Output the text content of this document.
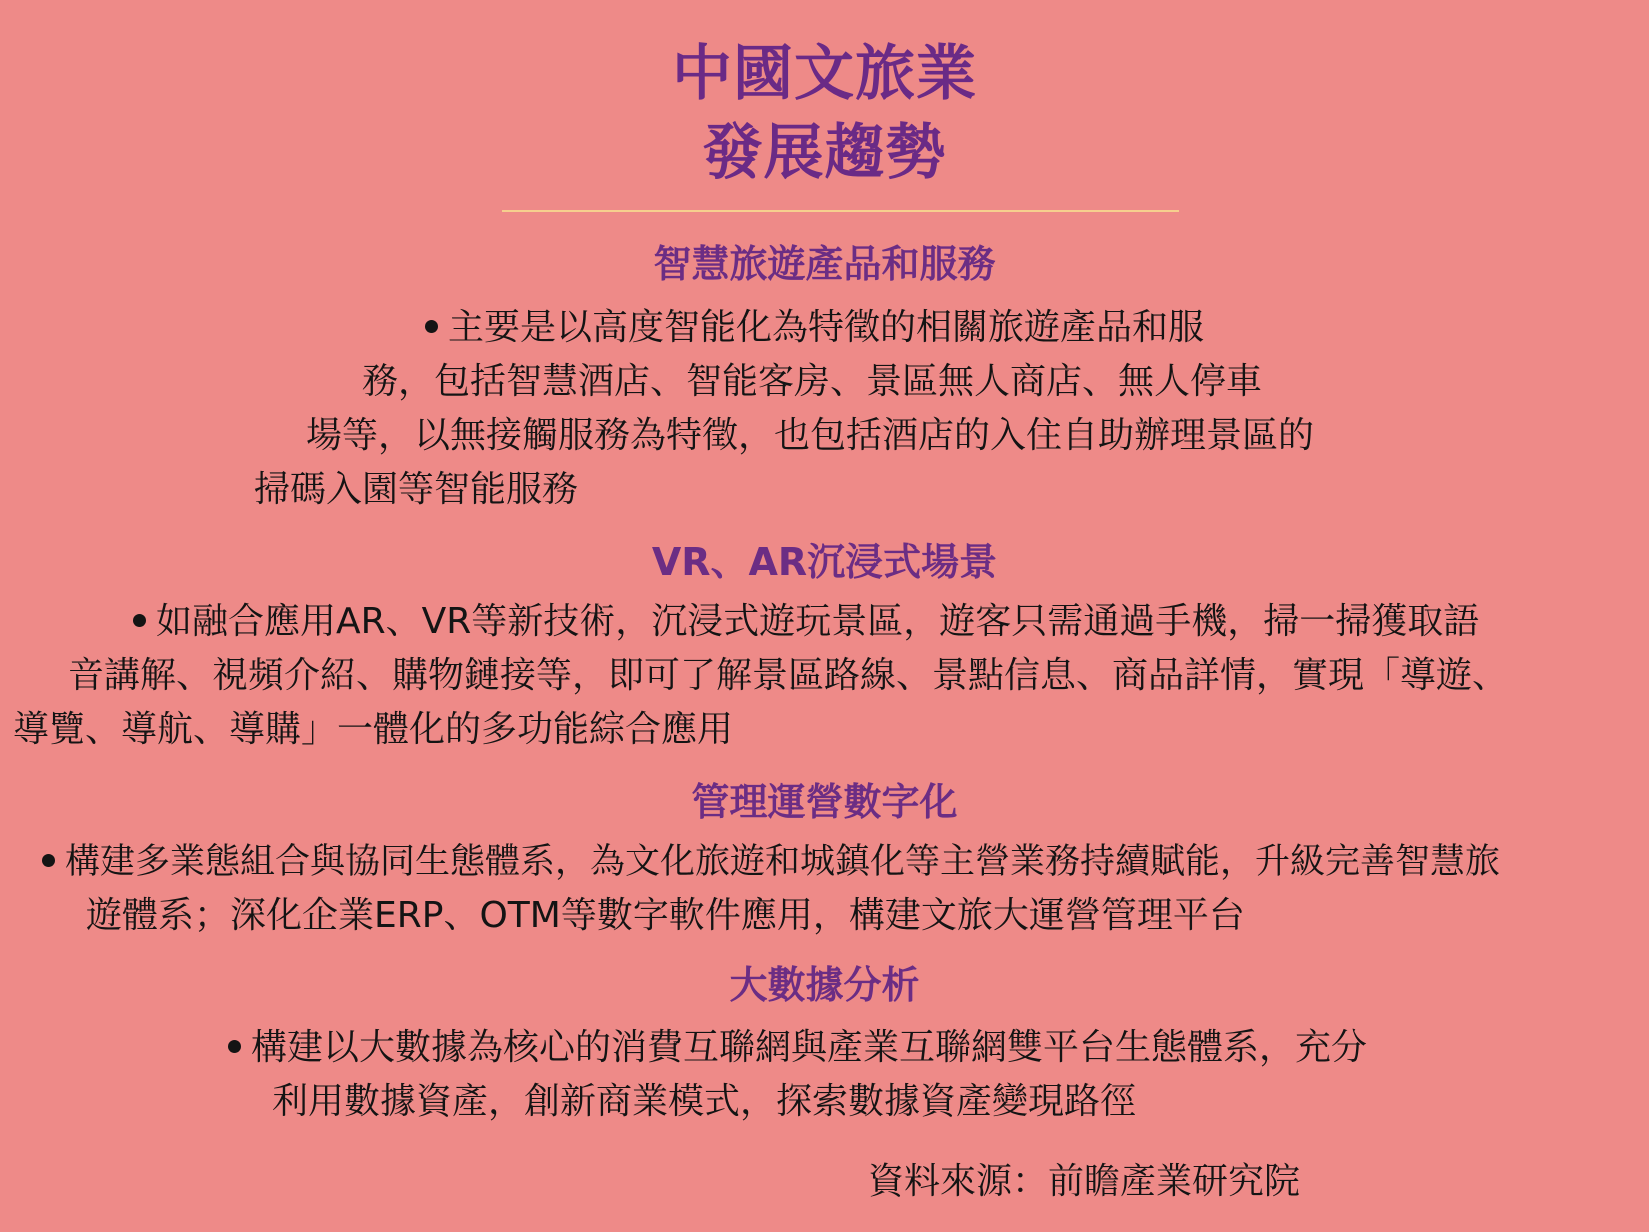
中國文旅業
發展趨勢
智慧旅遊產品和服務
主要是以高度智能化為特徵的相關旅遊產品和服
務，包括智慧酒店、智能客房、景區無人商店、無人停車
場等，以無接觸服務為特徵，也包括酒店的入住自助辦理景區的
掃碼入園等智能服務
VR、AR沉浸式場景
如融合應用AR、VR等新技術，沉浸式遊玩景區，遊客只需通過手機，掃一掃獲取語
音講解、視頻介紹、購物鏈接等，即可了解景區路線、景點信息、商品詳情，實現「導遊、
導覽、導航、導購」一體化的多功能綜合應用
管理運營數字化
構建多業態組合與協同生態體系，為文化旅遊和城鎮化等主營業務持續賦能，升級完善智慧旅
遊體系；深化企業ERP、OTM等數字軟件應用，構建文旅大運營管理平台
大數據分析
構建以大數據為核心的消費互聯網與產業互聯網雙平台生態體系，充分
利用數據資產，創新商業模式，探索數據資產變現路徑
資料來源：前瞻產業研究院
